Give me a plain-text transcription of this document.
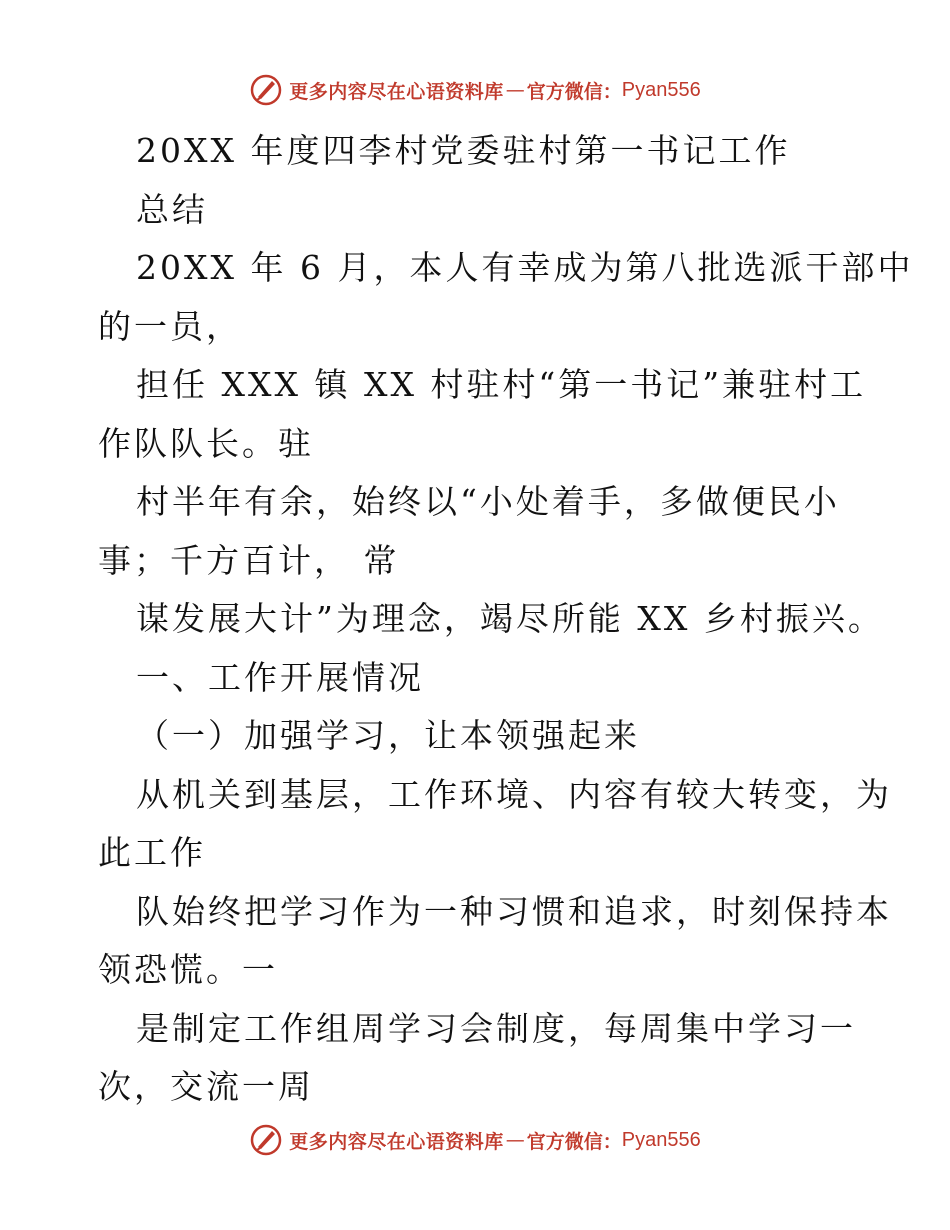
更多内容尽在心语资料库 — 官方微信： Pyan556
20XX 年度四李村党委驻村第一书记工作
总结
20XX 年 6 月，本人有幸成为第八批选派干部中
的一员，
担任 XXX 镇 XX 村驻村“第一书记”兼驻村工
作队队长。驻
村半年有余，始终以“小处着手，多做便民小
事；千方百计， 常
谋发展大计”为理念，竭尽所能 XX 乡村振兴。
一、工作开展情况
（一）加强学习，让本领强起来
从机关到基层，工作环境、内容有较大转变，为
此工作
队始终把学习作为一种习惯和追求，时刻保持本
领恐慌。一
是制定工作组周学习会制度，每周集中学习一
次，交流一周
更多内容尽在心语资料库 — 官方微信： Pyan556
